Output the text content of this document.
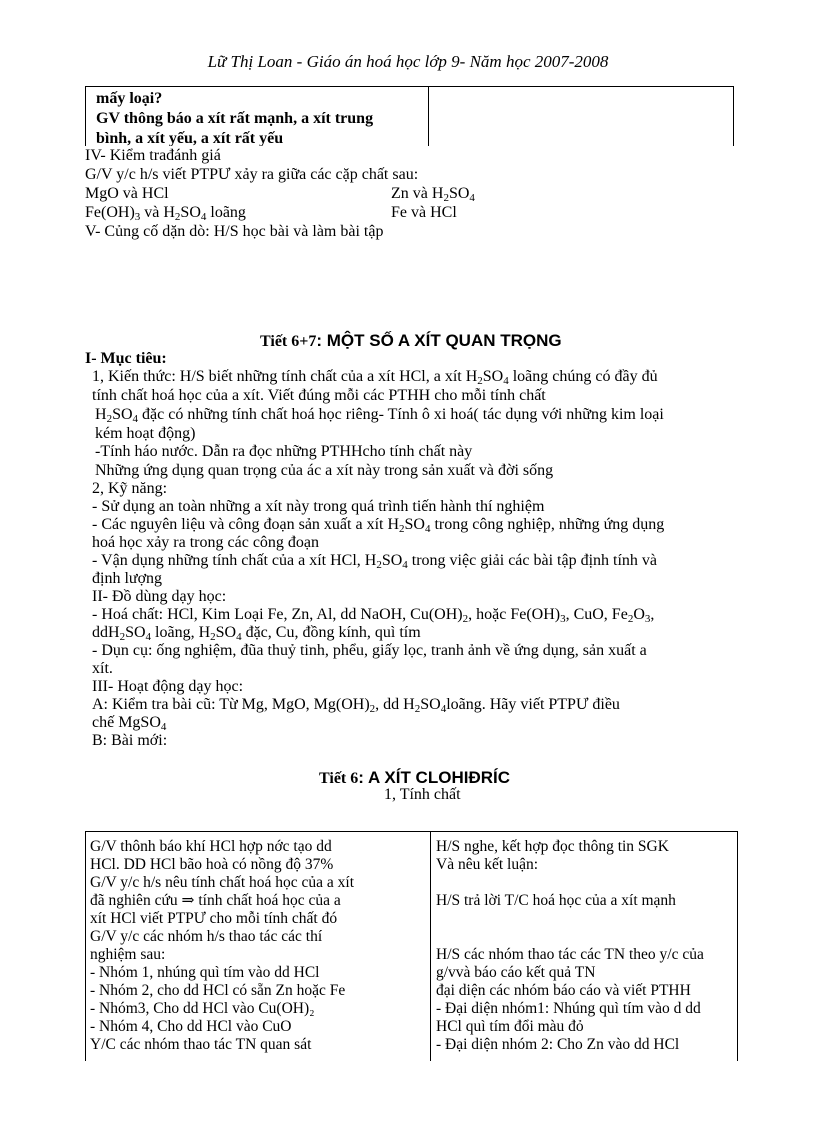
Lữ Thị Loan - Giáo án hoá học lớp 9- Năm học 2007-2008
mấy loại?
GV thông báo a xít rất mạnh, a xít trung
bình, a xít yếu, a xít rất yếu
IV- Kiểm trađánh giá
G/V y/c h/s viết PTPƯ xảy ra giữa các cặp chất sau:
MgO và HCl	Zn và $H_2SO_4$
$Fe(OH)_3$ và $H_2SO_4$ loãng	Fe và HCl
V- Củng cố dặn dò: H/S học bài và làm bài tập
Tiết 6+7: MỘT SỐ A XÍT QUAN TRỌNG
I- Mục tiêu:
1, Kiến thức: H/S biết những tính chất của a xít HCl, a xít $H_2SO_4$ loãng chúng có đầy đủ
tính chất hoá học của a xít. Viết đúng mỗi các PTHH cho mỗi tính chất
$H_2SO_4$ đặc có những tính chất hoá học riêng- Tính ô xi hoá( tác dụng với những kim loại
kém hoạt động)
-Tính háo nước. Dẫn ra đọc những PTHHcho tính chất này
Những ứng dụng quan trọng của ác a xít này trong sản xuất và đời sống
2, Kỹ năng:
- Sử dụng an toàn những a xít này trong quá trình tiến hành thí nghiệm
- Các nguyên liệu và công đoạn sản xuất a xít $H_2SO_4$ trong công nghiệp, những ứng dụng
hoá học xảy ra trong các công đoạn
- Vận dụng những tính chất của a xít HCl, $H_2SO_4$ trong việc giải các bài tập định tính và
định lượng
II- Đồ dùng dạy học:
- Hoá chất: HCl, Kim Loại Fe, Zn, Al, dd NaOH, $Cu(OH)_2$, hoặc $Fe(OH)_3$, CuO, $Fe_2O_3$,
$ddH_2SO_4$ loãng, $H_2SO_4$ đặc, Cu, đồng kính, quì tím
- Dụn cụ: ống nghiệm, đũa thuỷ tinh, phểu, giấy lọc, tranh ảnh về ứng dụng, sản xuất a
xít.
III- Hoạt động dạy học:
A: Kiểm tra bài cũ: Từ Mg, MgO, $Mg(OH)_2$, dd $H_2SO_4loãng$. Hãy viết PTPƯ điều
chế MgSO$_4$
B: Bài mới:
Tiết 6: A XÍT CLOHIĐRÍC
1, Tính chất
G/V thônh báo khí HCl hợp nớc tạo dd
HCl. DD HCl bão hoà có nồng độ 37%
G/V y/c h/s nêu tính chất hoá học của a xít
đã nghiên cứu ⇒ tính chất hoá học của a
xít HCl viết PTPƯ cho mỗi tính chất đó
G/V y/c các nhóm h/s thao tác các thí
nghiệm sau:
- Nhóm 1, nhúng quì tím vào dd HCl
- Nhóm 2, cho dd HCl có sẵn Zn hoặc Fe
- Nhóm3, Cho dd HCl vào Cu(OH)₂
- Nhóm 4, Cho dd HCl vào CuO
Y/C các nhóm thao tác TN quan sát
H/S nghe, kết hợp đọc thông tin SGK
Và nêu kết luận:
H/S trả lời T/C hoá học của a xít mạnh
H/S các nhóm thao tác các TN theo y/c của
g/vvà báo cáo kết quả TN
đại diện các nhóm báo cáo và viết PTHH
- Đại diện nhóm1: Nhúng quì tím vào d dd
HCl quì tím đổi màu đỏ
- Đại diện nhóm 2: Cho Zn vào dd HCl
